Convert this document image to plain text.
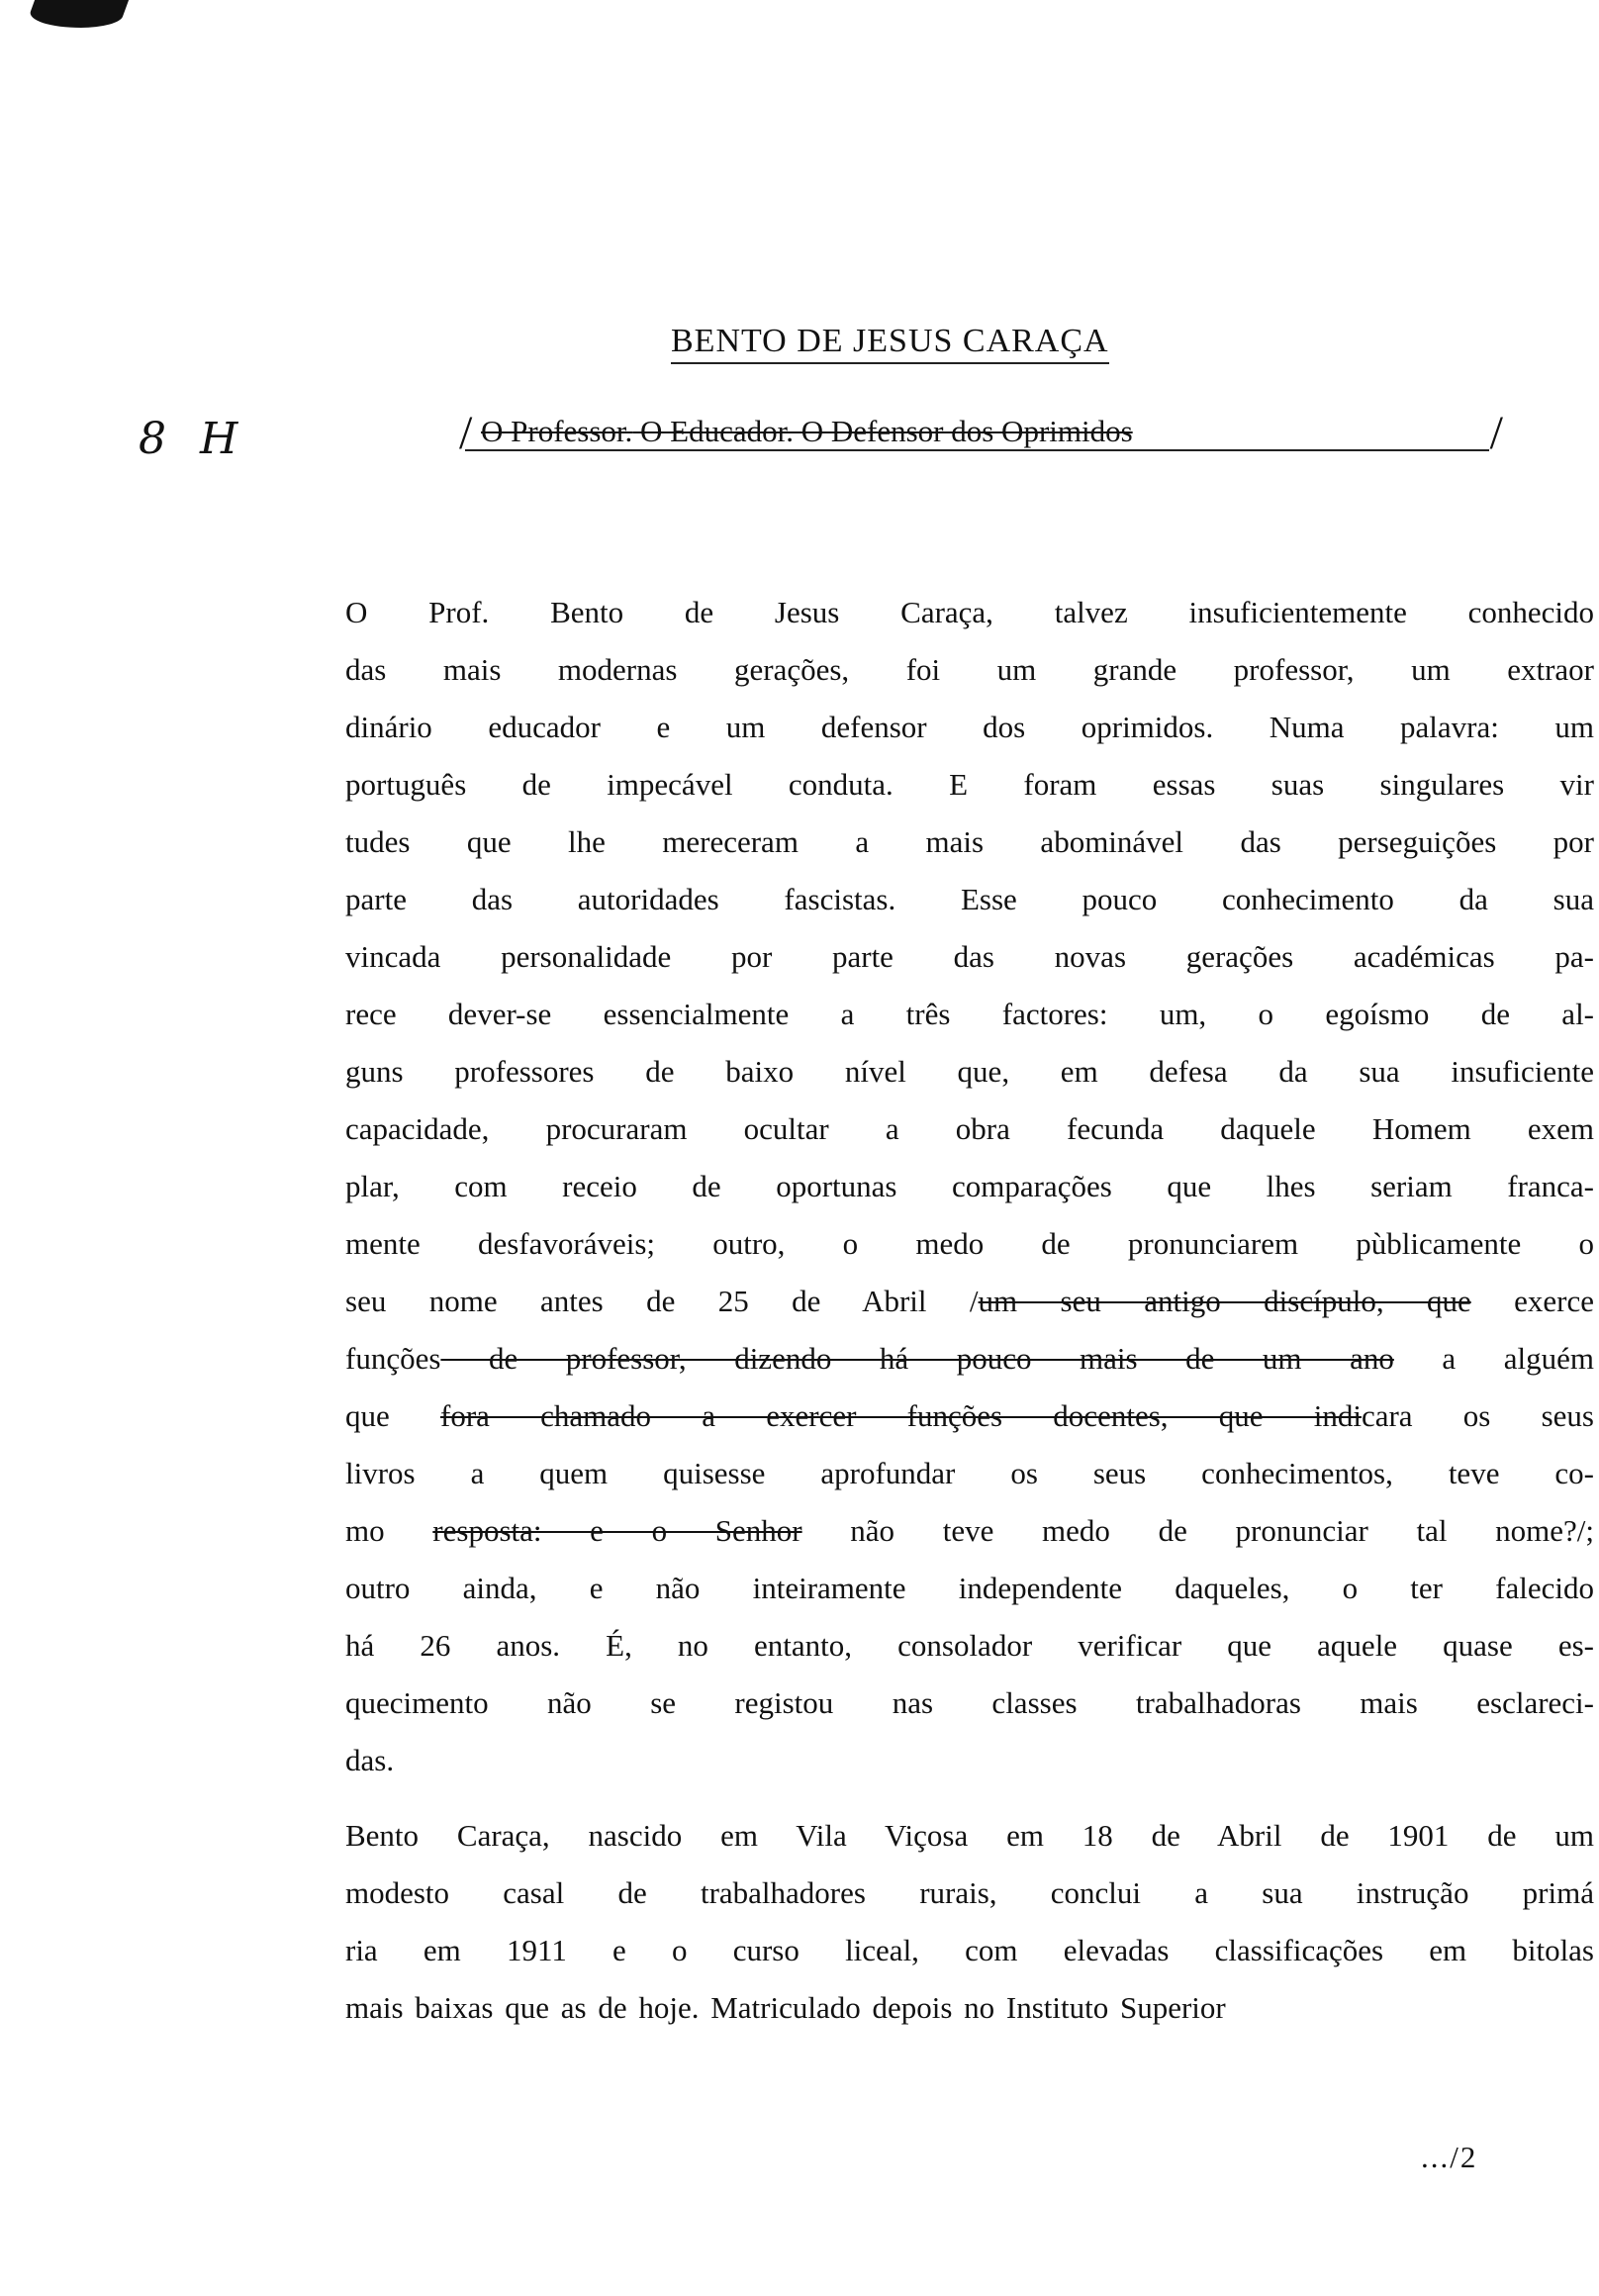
BENTO DE JESUS CARAÇA
8 H	/ O Professor. O Educador. O Defensor dos Oprimidos	/
O Prof. Bento de Jesus Caraça, talvez insuficientemente conhecido
das mais modernas gerações, foi um grande professor, um extraor
dinário educador e um defensor dos oprimidos. Numa palavra: um
português de impecável conduta. E foram essas suas singulares vir
tudes que lhe mereceram a mais abominável das perseguições por
parte das autoridades fascistas. Esse pouco conhecimento da sua
vincada personalidade por parte das novas gerações académicas pa-
rece dever-se essencialmente a três factores: um, o egoísmo de al-
guns professores de baixo nível que, em defesa da sua insuficiente
capacidade, procuraram ocultar a obra fecunda daquele Homem exem
plar, com receio de oportunas comparações que lhes seriam franca-
mente desfavoráveis; outro, o medo de pronunciarem pùblicamente o
seu nome antes de 25 de Abril /um seu antigo discípulo, que exerce
funções de professor, dizendo há pouco mais de um ano a alguém
que fora chamado a exercer funções docentes, que indicara os seus
livros a quem quisesse aprofundar os seus conhecimentos, teve co-
mo resposta: e o Senhor não teve medo de pronunciar tal nome?/;
outro ainda, e não inteiramente independente daqueles, o ter falecido
há 26 anos. É, no entanto, consolador verificar que aquele quase es-
quecimento não se registou nas classes trabalhadoras mais esclareci-
das.
Bento Caraça, nascido em Vila Viçosa em 18 de Abril de 1901 de um
modesto casal de trabalhadores rurais, conclui a sua instrução primá
ria em 1911 e o curso liceal, com elevadas classificações em bitolas
mais baixas que as de hoje. Matriculado depois no Instituto Superior
.../2
